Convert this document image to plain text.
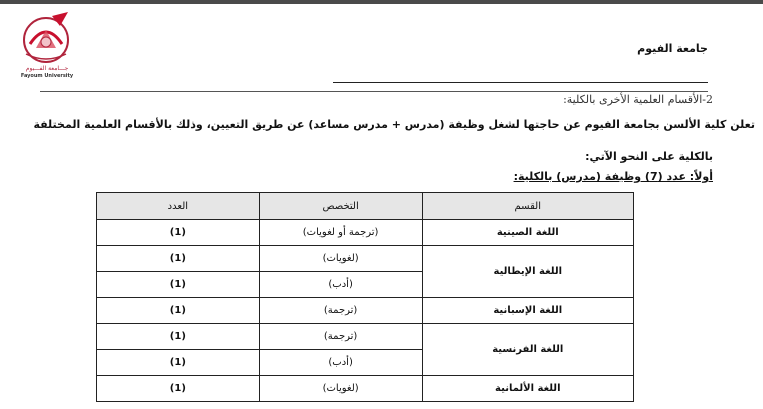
جـــامعة الفـــيوم
Fayoum University
جامعة الفيوم
2-الأقسام العلمية الأخرى بالكلية:
تعلن كلية الألسن بجامعة الفيوم عن حاجتها لشغل وظيفة (مدرس + مدرس مساعد) عن طريق التعيين، وذلك بالأقسام العلمية المختلفة
بالكلية على النحو الآتي:
أولاً: عدد (7) وظيفة (مدرس) بالكلية:
القسم	التخصص	العدد
اللغة الصينية	(ترجمة أو لغويات)	(1)
اللغة الإيطالية	(لغويات)	(1)
	(أدب)	(1)
اللغة الإسبانية	(ترجمة)	(1)
اللغة الفرنسية	(ترجمة)	(1)
	(أدب)	(1)
اللغة الألمانية	(لغويات)	(1)
